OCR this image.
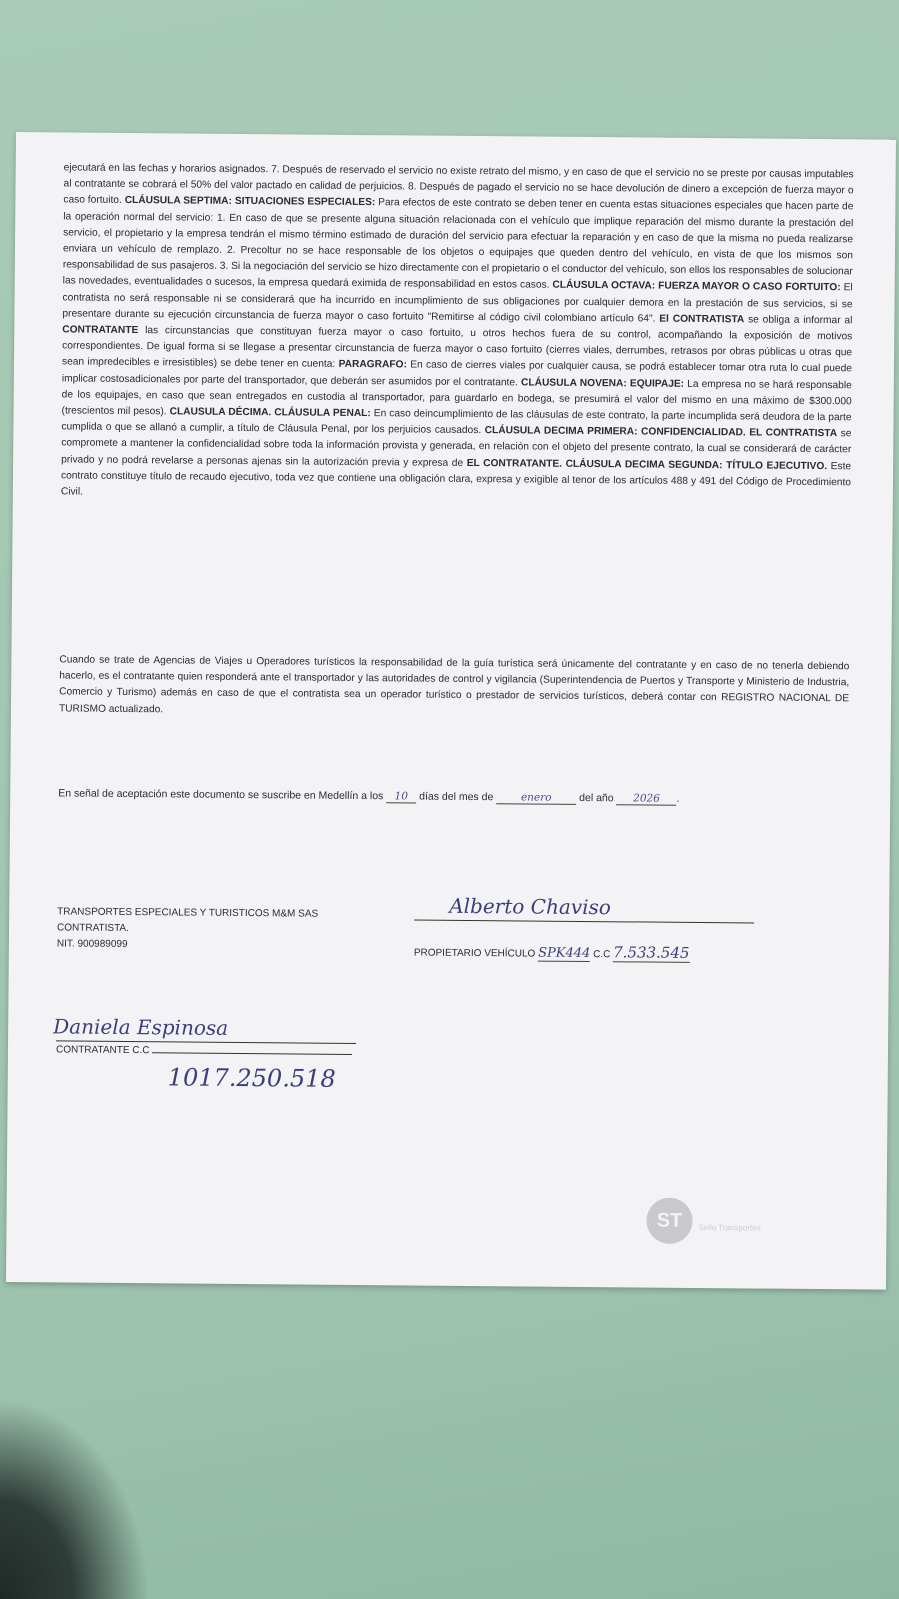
ejecutará en las fechas y horarios asignados. 7. Después de reservado el servicio no existe retrato del mismo, y en caso de que el servicio no se preste por causas imputables al contratante se cobrará el 50% del valor pactado en calidad de perjuicios. 8. Después de pagado el servicio no se hace devolución de dinero a excepción de fuerza mayor o caso fortuito. CLÁUSULA SEPTIMA: SITUACIONES ESPECIALES: Para efectos de este contrato se deben tener en cuenta estas situaciones especiales que hacen parte de la operación normal del servicio: 1. En caso de que se presente alguna situación relacionada con el vehículo que implique reparación del mismo durante la prestación del servicio, el propietario y la empresa tendrán el mismo término estimado de duración del servicio para efectuar la reparación y en caso de que la misma no pueda realizarse enviara un vehículo de remplazo. 2. Precoltur no se hace responsable de los objetos o equipajes que queden dentro del vehículo, en vista de que los mismos son responsabilidad de sus pasajeros. 3. Si la negociación del servicio se hizo directamente con el propietario o el conductor del vehículo, son ellos los responsables de solucionar las novedades, eventualidades o sucesos, la empresa quedará eximida de responsabilidad en estos casos. CLÁUSULA OCTAVA: FUERZA MAYOR O CASO FORTUITO: El contratista no será responsable ni se considerará que ha incurrido en incumplimiento de sus obligaciones por cualquier demora en la prestación de sus servicios, si se presentare durante su ejecución circunstancia de fuerza mayor o caso fortuito "Remitirse al código civil colombiano artículo 64". El CONTRATISTA se obliga a informar al CONTRATANTE las circunstancias que constituyan fuerza mayor o caso fortuito, u otros hechos fuera de su control, acompañando la exposición de motivos correspondientes. De igual forma si se llegase a presentar circunstancia de fuerza mayor o caso fortuito (cierres viales, derrumbes, retrasos por obras públicas u otras que sean impredecibles e irresistibles) se debe tener en cuenta: PARAGRAFO: En caso de cierres viales por cualquier causa, se podrá establecer tomar otra ruta lo cual puede implicar costosadicionales por parte del transportador, que deberán ser asumidos por el contratante. CLÁUSULA NOVENA: EQUIPAJE: La empresa no se hará responsable de los equipajes, en caso que sean entregados en custodia al transportador, para guardarlo en bodega, se presumirá el valor del mismo en una máximo de $300.000 (trescientos mil pesos). CLAUSULA DÉCIMA. CLÁUSULA PENAL: En caso deincumplimiento de las cláusulas de este contrato, la parte incumplida será deudora de la parte cumplida o que se allanó a cumplir, a título de Cláusula Penal, por los perjuicios causados. CLÁUSULA DECIMA PRIMERA: CONFIDENCIALIDAD. EL CONTRATISTA se compromete a mantener la confidencialidad sobre toda la información provista y generada, en relación con el objeto del presente contrato, la cual se considerará de carácter privado y no podrá revelarse a personas ajenas sin la autorización previa y expresa de EL CONTRATANTE. CLÁUSULA DECIMA SEGUNDA: TÍTULO EJECUTIVO. Este contrato constituye título de recaudo ejecutivo, toda vez que contiene una obligación clara, expresa y exigible al tenor de los artículos 488 y 491 del Código de Procedimiento Civil.

Cuando se trate de Agencias de Viajes u Operadores turísticos la responsabilidad de la guía turística será únicamente del contratante y en caso de no tenerla debiendo hacerlo, es el contratante quien responderá ante el transportador y las autoridades de control y vigilancia (Superintendencia de Puertos y Transporte y Ministerio de Industria, Comercio y Turismo) además en caso de que el contratista sea un operador turístico o prestador de servicios turísticos, deberá contar con REGISTRO NACIONAL DE TURISMO actualizado.

En señal de aceptación este documento se suscribe en Medellín a los 10 días del mes de	enero	del año 2026 .
TRANSPORTES ESPECIALES Y TURISTICOS M&M SAS
CONTRATISTA.
NIT. 900989099
Alberto Chaviso
PROPIETARIO VEHÍCULO SPK444 C.C 7.533.545
Daniela Espinosa
CONTRATANTE C.C
1017.250.518
ST Sello Transportes
